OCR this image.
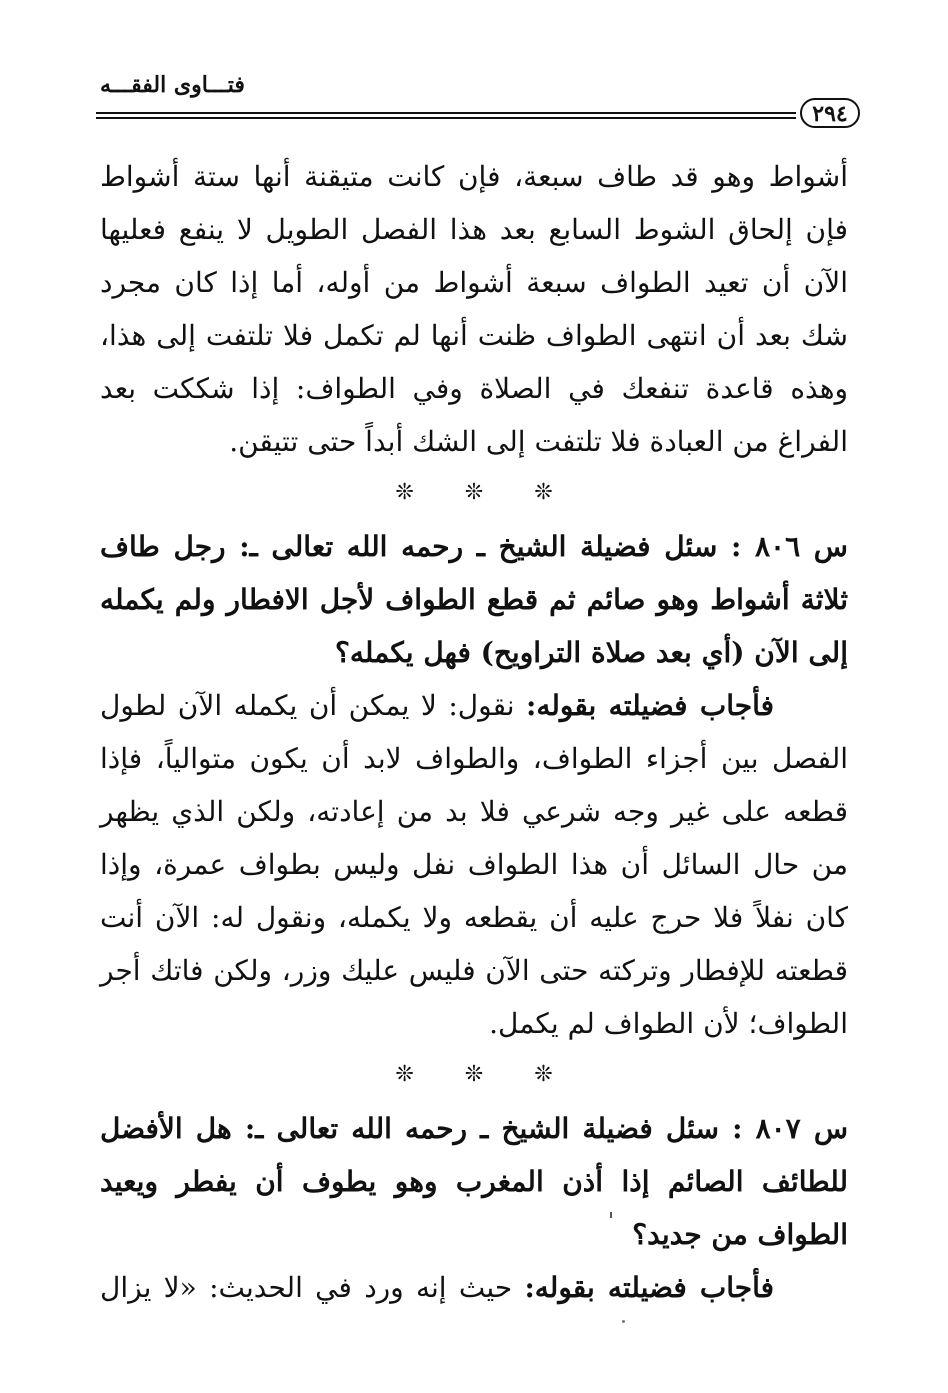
فتـــاوى الفقـــه
٢٩٤

أشواط وهو قد طاف سبعة، فإن كانت متيقنة أنها ستة أشواط فإن إلحاق الشوط السابع بعد هذا الفصل الطويل لا ينفع فعليها الآن أن تعيد الطواف سبعة أشواط من أوله، أما إذا كان مجرد شك بعد أن انتهى الطواف ظنت أنها لم تكمل فلا تلتفت إلى هذا، وهذه قاعدة تنفعك في الصلاة وفي الطواف: إذا شككت بعد الفراغ من العبادة فلا تلتفت إلى الشك أبداً حتى تتيقن.

❊ ❊ ❊

س ٨٠٦ : سئل فضيلة الشيخ ـ رحمه الله تعالى ـ: رجل طاف ثلاثة أشواط وهو صائم ثم قطع الطواف لأجل الافطار ولم يكمله إلى الآن (أي بعد صلاة التراويح) فهل يكمله؟

فأجاب فضيلته بقوله: نقول: لا يمكن أن يكمله الآن لطول الفصل بين أجزاء الطواف، والطواف لابد أن يكون متوالياً، فإذا قطعه على غير وجه شرعي فلا بد من إعادته، ولكن الذي يظهر من حال السائل أن هذا الطواف نفل وليس بطواف عمرة، وإذا كان نفلاً فلا حرج عليه أن يقطعه ولا يكمله، ونقول له: الآن أنت قطعته للإفطار وتركته حتى الآن فليس عليك وزر، ولكن فاتك أجر الطواف؛ لأن الطواف لم يكمل.

❊ ❊ ❊

س ٨٠٧ : سئل فضيلة الشيخ ـ رحمه الله تعالى ـ: هل الأفضل للطائف الصائم إذا أذن المغرب وهو يطوف أن يفطر ويعيد الطواف من جديد؟

فأجاب فضيلته بقوله: حيث إنه ورد في الحديث: «لا يزال
